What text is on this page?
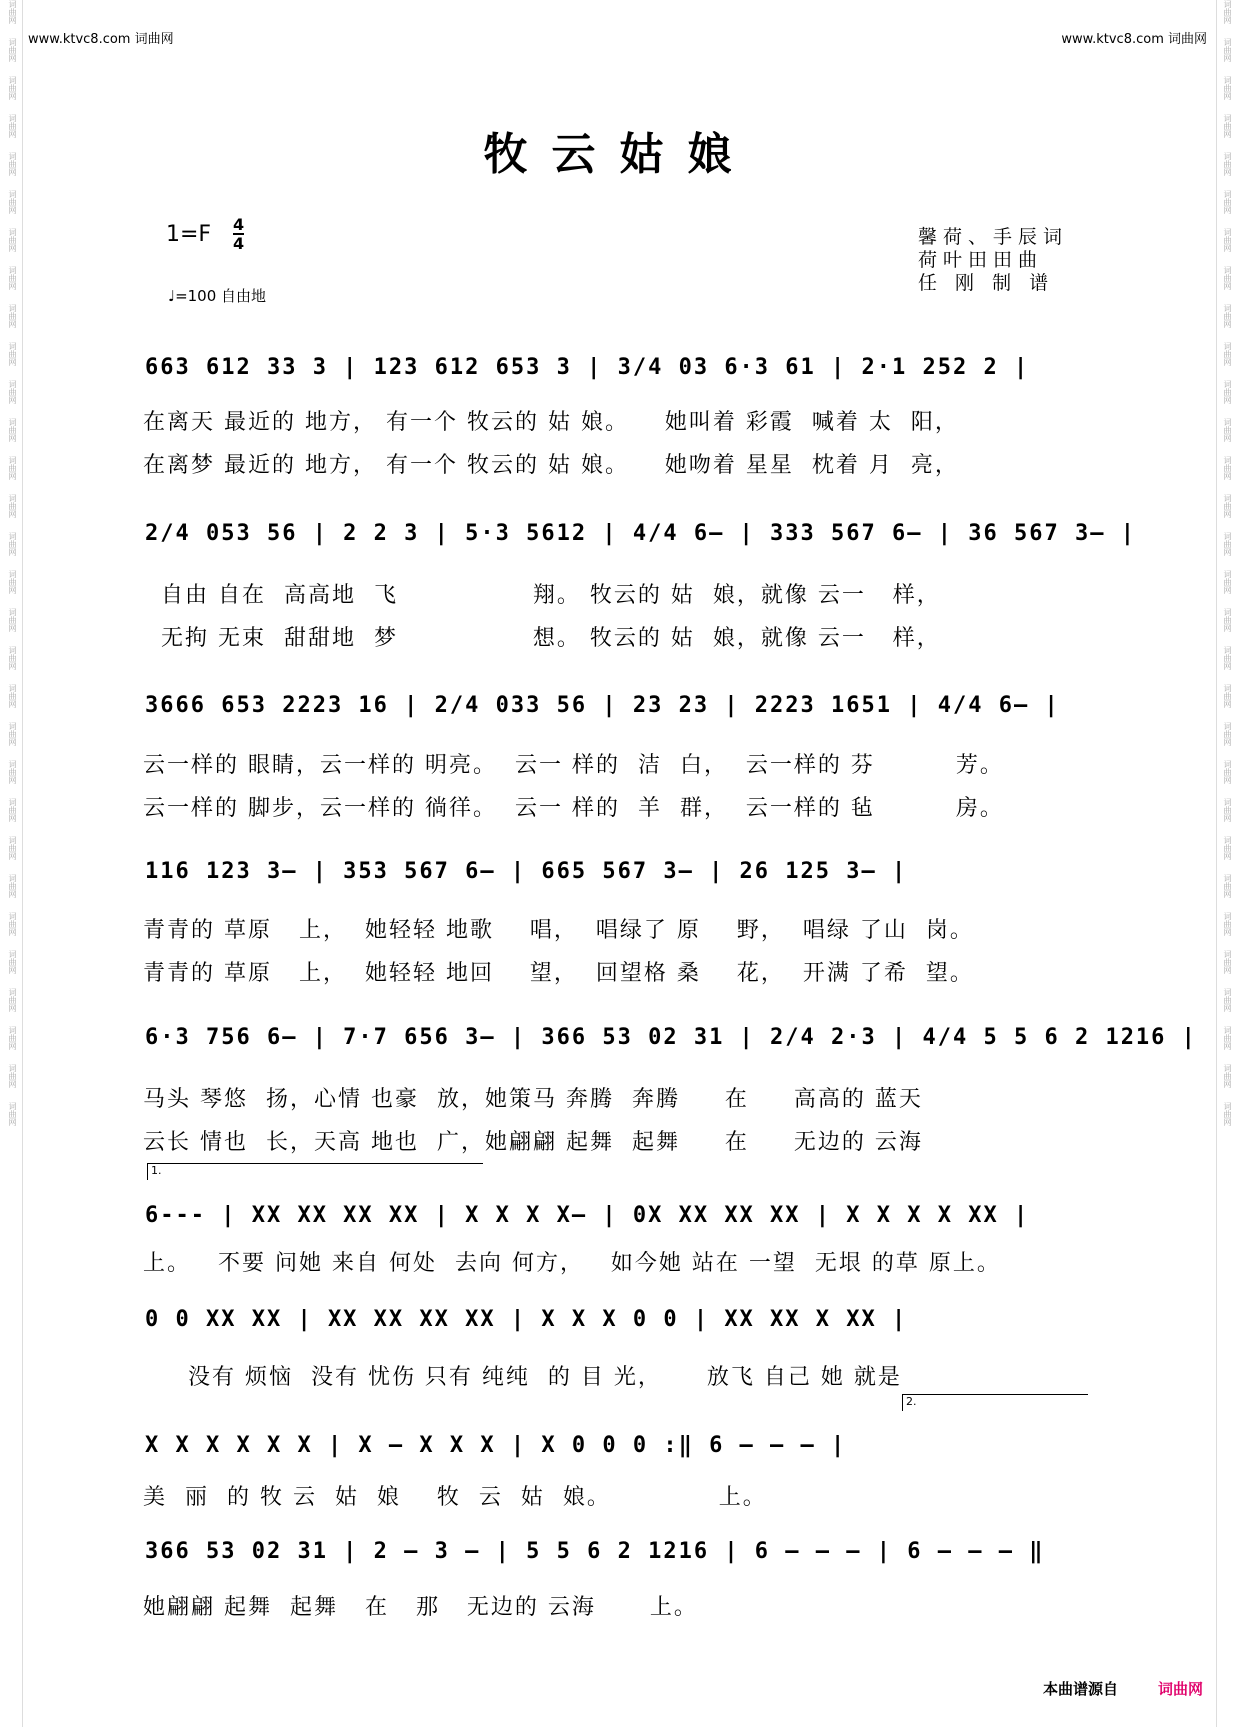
词曲网
词曲网
词曲网
词曲网
词曲网
词曲网
词曲网
词曲网
词曲网
词曲网
词曲网
词曲网
词曲网
词曲网
词曲网
词曲网
词曲网
词曲网
词曲网
词曲网
词曲网
词曲网
词曲网
词曲网
词曲网
词曲网
词曲网
词曲网
词曲网
词曲网
词曲网
词曲网
词曲网
词曲网
词曲网
词曲网
词曲网
词曲网
词曲网
词曲网
词曲网
词曲网
词曲网
词曲网
词曲网
词曲网
词曲网
词曲网
词曲网
词曲网
词曲网
词曲网
词曲网
词曲网
词曲网
词曲网
词曲网
词曲网
词曲网
词曲网
www.ktvc8.com 词曲网	www.ktvc8.com 词曲网
牧云姑娘
$1=F \frac{4}{4}$
♩=100 自由地
馨荷、手辰词
荷叶田田曲
任 刚 制 谱
663 612 33 3 | 123 612 653 3 | 3/4 03 6·3 61 | 2·1 252 2 |
在离天 最近的 地方， 有一个 牧云的 姑 娘。    她叫着 彩霞  喊着 太  阳，
在离梦 最近的 地方， 有一个 牧云的 姑 娘。    她吻着 星星  枕着 月  亮，
2/4 053 56 | 2 2 3 | 5·3 5612 | 4/4 6— | 333 567 6– | 36 567 3– |
自由 自在  高高地  飞               翔。 牧云的 姑  娘，就像 云一   样，
无拘 无束  甜甜地  梦               想。 牧云的 姑  娘，就像 云一   样，
3666 653 2223 16 | 2/4 033 56 | 23 23 | 2223 1651 | 4/4 6— |
云一样的 眼睛，云一样的 明亮。  云一 样的  洁  白，  云一样的 芬         芳。
云一样的 脚步，云一样的 徜徉。  云一 样的  羊  群，  云一样的 毡         房。
116 123 3– | 353 567 6– | 665 567 3– | 26 125 3– |
青青的 草原   上，  她轻轻 地歌    唱，  唱绿了 原    野，  唱绿 了山  岗。
青青的 草原   上，  她轻轻 地回    望，  回望格 桑    花，  开满 了希  望。
6·3 756 6– | 7·7 656 3– | 366 53 02 31 | 2/4 2·3 | 4/4 5 5 6 2 1216 |
马头 琴悠  扬，心情 也豪  放，她策马 奔腾  奔腾     在     高高的 蓝天
云长 情也  长，天高 地也  广，她翩翩 起舞  起舞     在     无边的 云海
1.
6--- | XX XX XX XX | X X X X– | 0X XX XX XX | X X X X XX |
上。   不要 问她 来自 何处  去向 何方，   如今她 站在 一望  无垠 的草 原上。
0 0 XX XX | XX XX XX XX | X X X 0 0 | XX XX X XX |
没有 烦恼  没有 忧伤 只有 纯纯  的 目 光，     放飞 自己 她 就是
2.
X X X X X X | X – X X X | X 0 0 0 :‖ 6 – – – |
美  丽  的 牧 云  姑  娘    牧  云  姑  娘。            上。
366 53 02 31 | 2 – 3 – | 5 5 6 2 1216 | 6 – – – | 6 – – – ‖
她翩翩 起舞  起舞   在   那   无边的 云海      上。
本曲谱源自	词曲网
